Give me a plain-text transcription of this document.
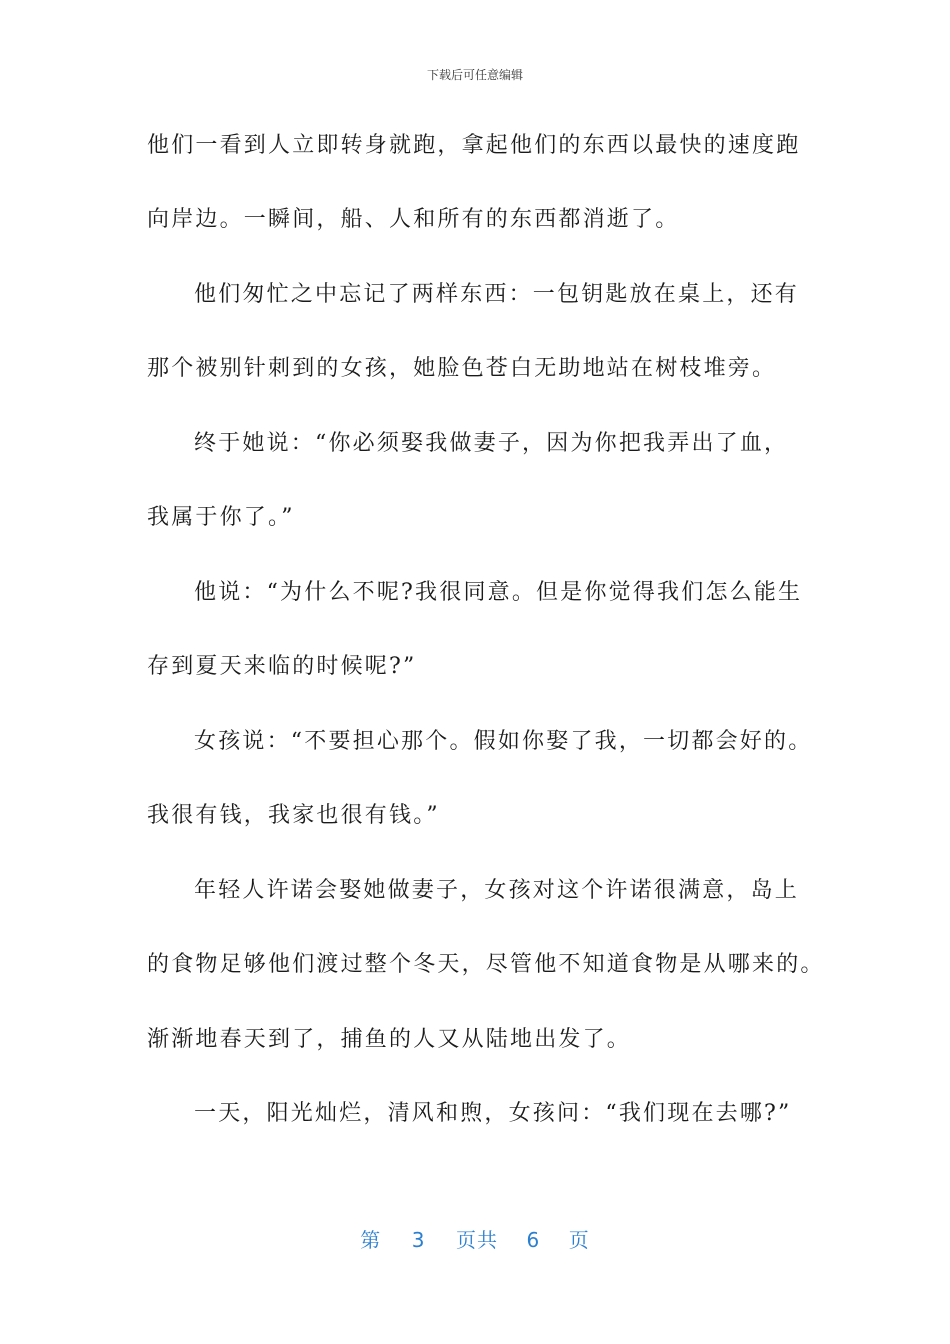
下载后可任意编辑
他们一看到人立即转身就跑，拿起他们的东西以最快的速度跑
向岸边。一瞬间，船、人和所有的东西都消逝了。
他们匆忙之中忘记了两样东西：一包钥匙放在桌上，还有
那个被别针刺到的女孩，她脸色苍白无助地站在树枝堆旁。
终于她说：“你必须娶我做妻子，因为你把我弄出了血，
我属于你了。”
他说：“为什么不呢?我很同意。但是你觉得我们怎么能生
存到夏天来临的时候呢?”
女孩说：“不要担心那个。假如你娶了我，一切都会好的。
我很有钱，我家也很有钱。”
年轻人许诺会娶她做妻子，女孩对这个许诺很满意，岛上
的食物足够他们渡过整个冬天，尽管他不知道食物是从哪来的。
渐渐地春天到了，捕鱼的人又从陆地出发了。
一天，阳光灿烂，清风和煦，女孩问：“我们现在去哪?”
第 3 页共 6 页
